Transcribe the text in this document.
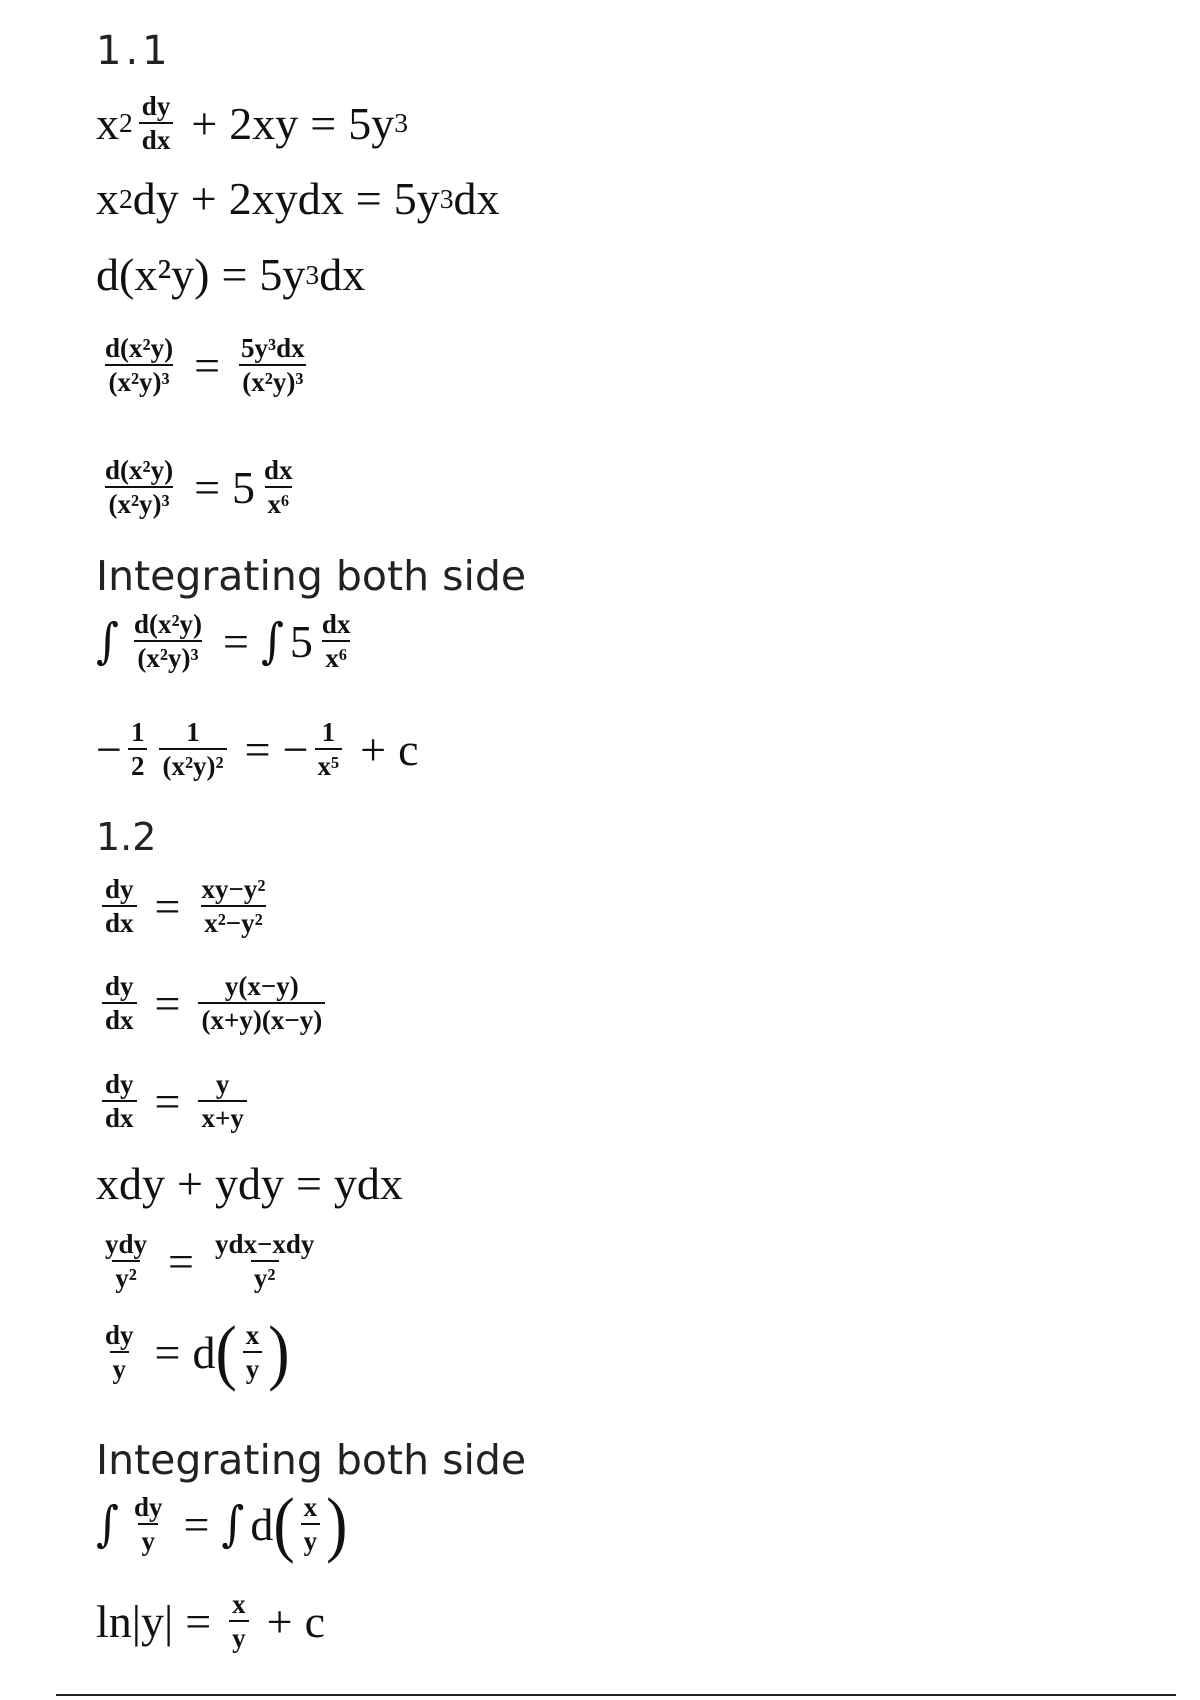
1.1
x $2 \frac{dy}{dx} + 2xy = 5y$ 3
x 2 dy + 2xydx = 5y 3 dx
d (x²y) = 5y 3 dx
$\frac{\text{d(x²y)}}{\text{(x²y)³}} = \frac{\text{5y³dx}}{\text{(x²y)³}}$
$\frac{\text{d(x²y)}}{\text{(x²y)³}} = 5 \frac{dx}{\text{x⁶}}$
Integrating both side
∫ $\frac{\text{d(x²y)}}{\text{(x²y)³}}$ = ∫ $5 \frac{dx}{\text{x⁶}}$
− $\frac{1}{2} \frac{1}{\text{(x²y)²}}$ = − $\frac{1}{\text{x⁵}} + c$
1.2
$\frac{dy}{dx} = \frac{\text{xy−y²}}{\text{x²−y²}}$
$\frac{dy}{dx} = \frac{y(x-y)}{(x+y)(x-y)}$
$\frac{dy}{dx} = \frac{y}{x+y}$
xdy + ydy = ydx
$\frac{\text{ydy}}{\text{y²}} = \frac{\text{ydx−xdy}}{\text{y²}}$
$\frac{dy}{y} = d$ ( $\frac{x}{y}$ )
Integrating both side
∫ $\frac{dy}{y}$ = ∫ d ( $\frac{x}{y}$ )
$\ln |y| = \frac{x}{y} + c$
